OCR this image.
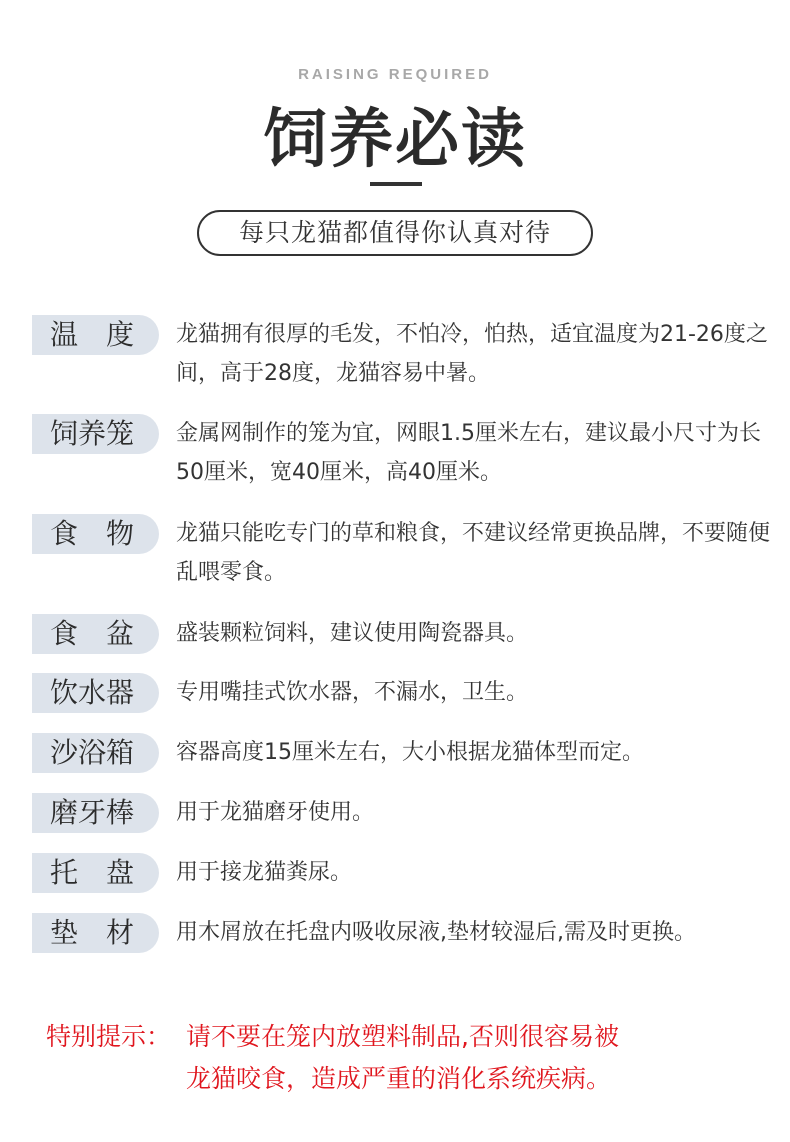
RAISING REQUIRED
饲养必读
每只龙猫都值得你认真对待
温　度	龙猫拥有很厚的毛发，不怕冷，怕热，适宜温度为21-26度之间，高于28度，龙猫容易中暑。
饲养笼	金属网制作的笼为宜，网眼1.5厘米左右，建议最小尺寸为长50厘米，宽40厘米，高40厘米。
食　物	龙猫只能吃专门的草和粮食，不建议经常更换品牌，不要随便乱喂零食。
食　盆	盛装颗粒饲料，建议使用陶瓷器具。
饮水器	专用嘴挂式饮水器，不漏水，卫生。
沙浴箱	容器高度15厘米左右，大小根据龙猫体型而定。
磨牙棒	用于龙猫磨牙使用。
托　盘	用于接龙猫粪尿。
垫　材	用木屑放在托盘内吸收尿液,垫材较湿后,需及时更换。
特别提示： 请不要在笼内放塑料制品,否则很容易被
龙猫咬食，造成严重的消化系统疾病。
